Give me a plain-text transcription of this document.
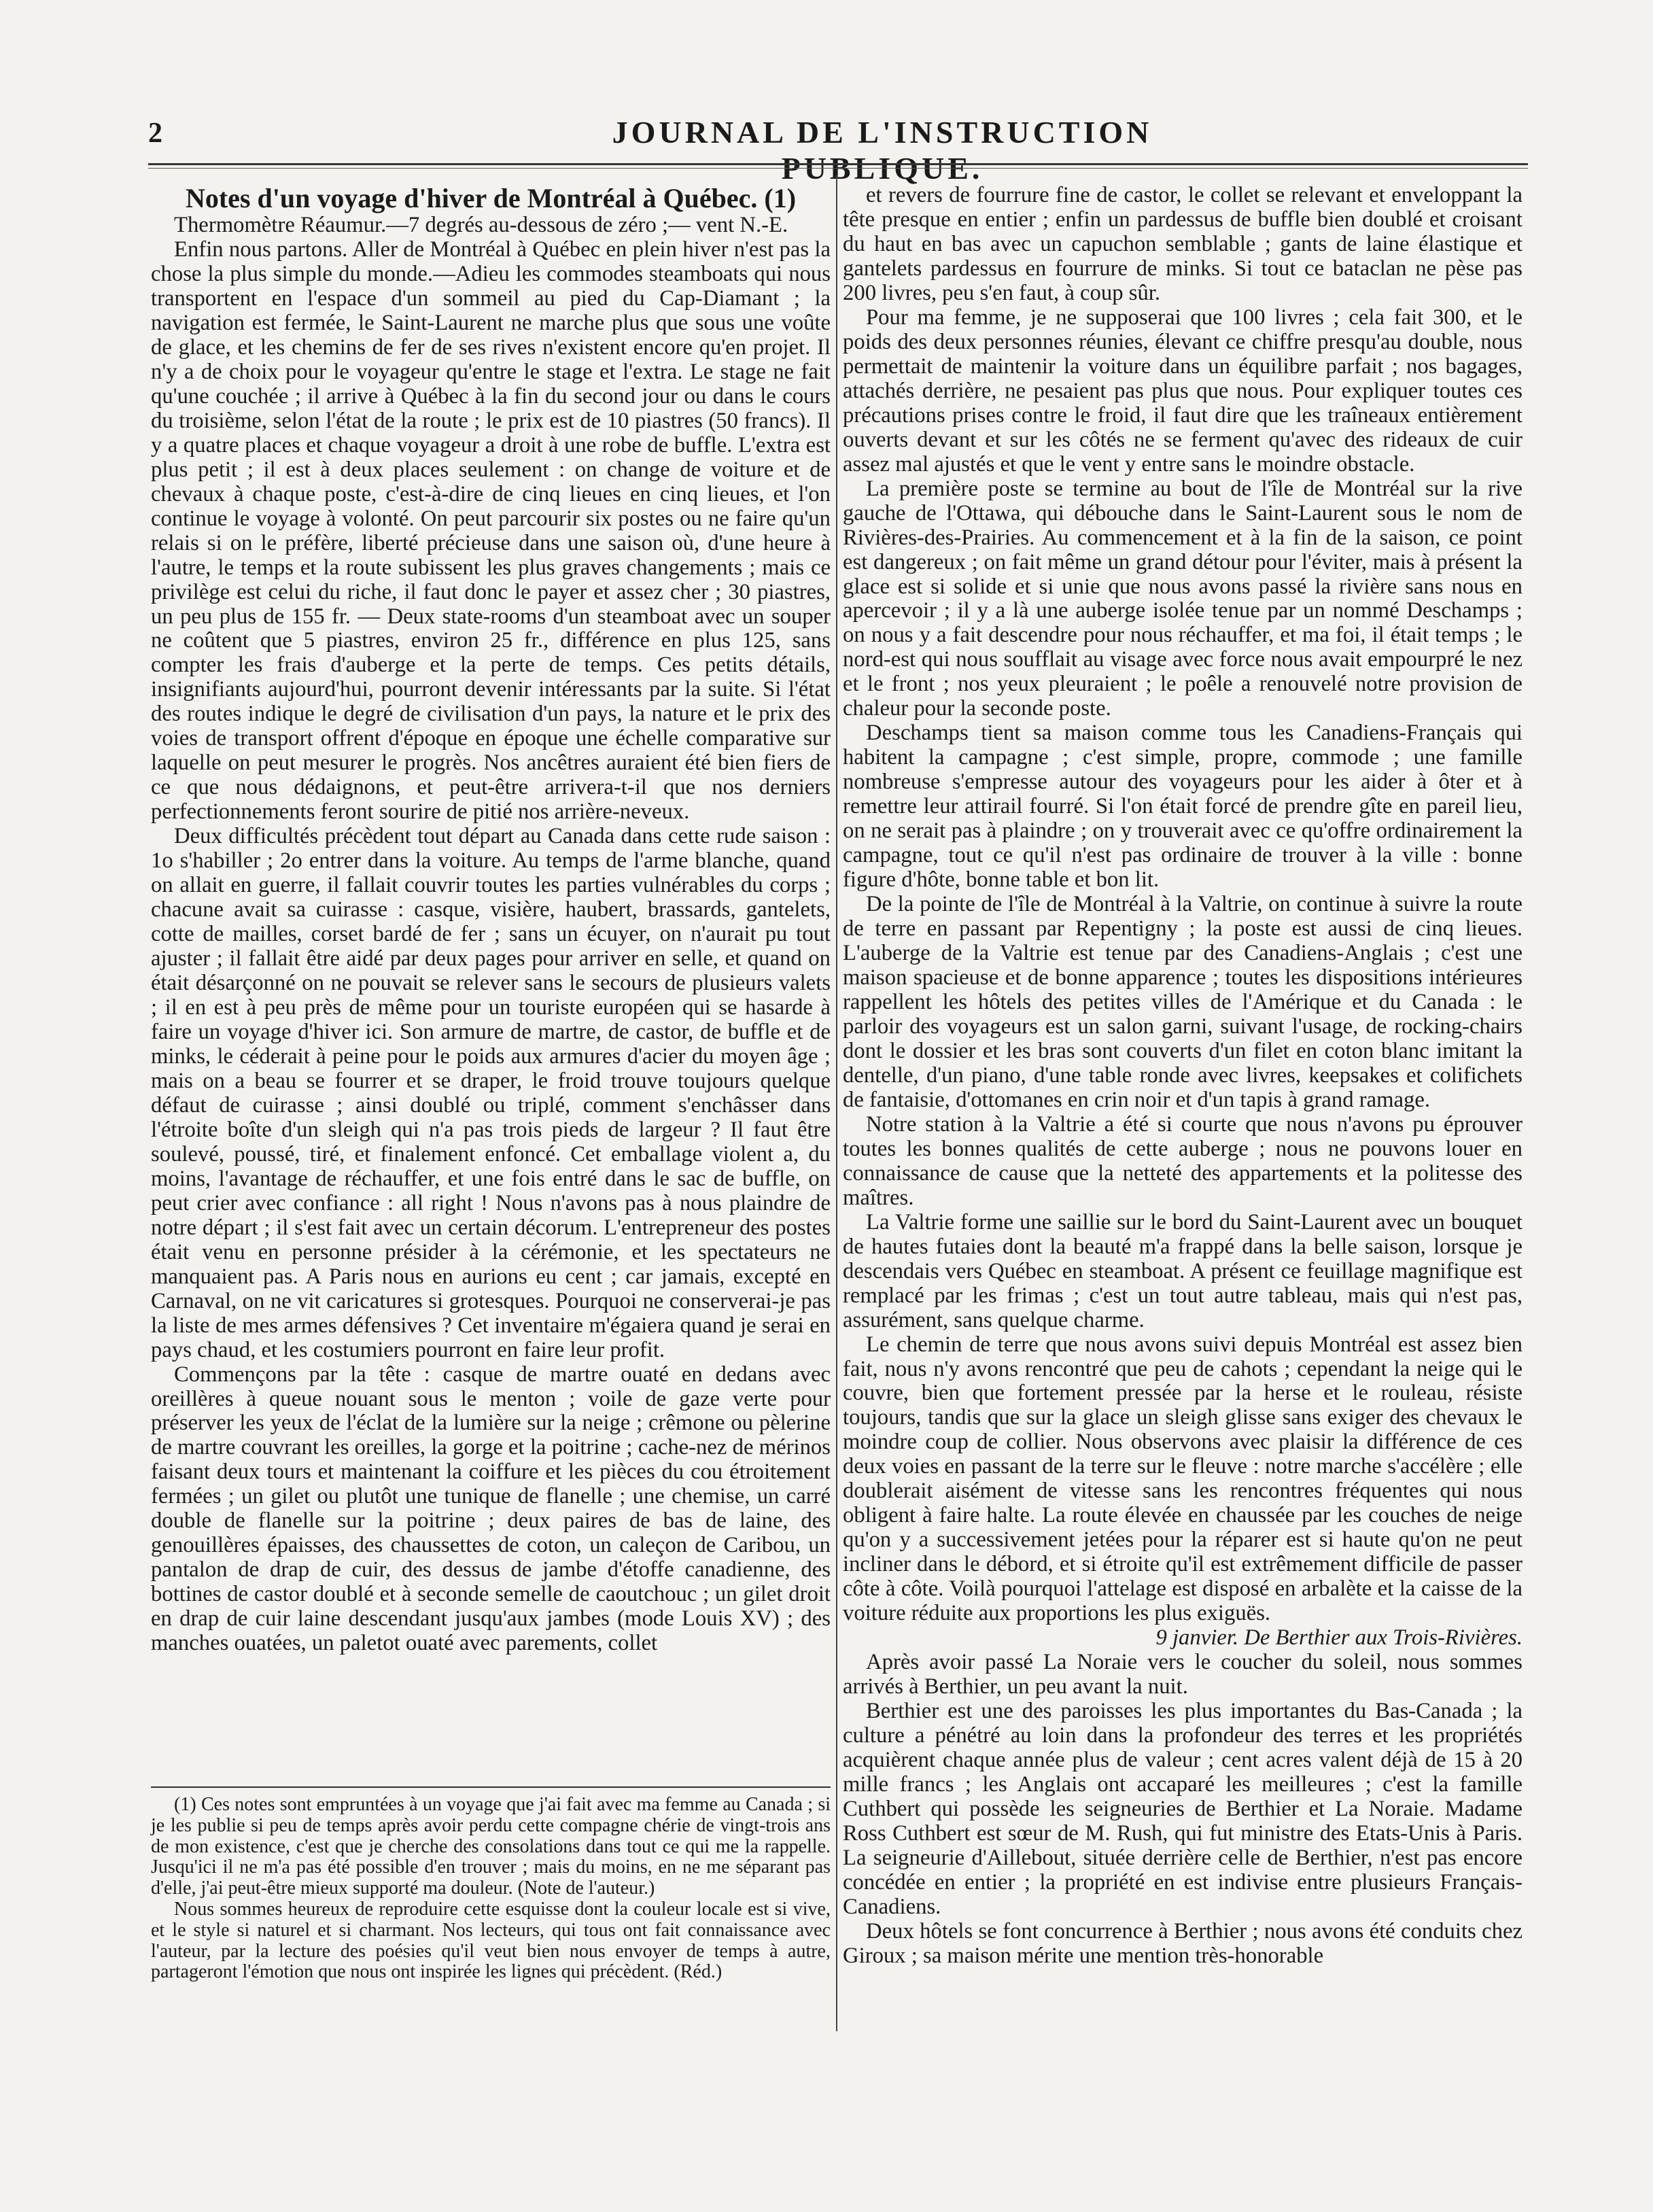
2	JOURNAL DE L'INSTRUCTION PUBLIQUE.

Notes d'un voyage d'hiver de Montréal à Québec. (1)

Thermomètre Réaumur.—7 degrés au-dessous de zéro ;— vent N.-E.

Enfin nous partons. Aller de Montréal à Québec en plein hiver n'est pas la chose la plus simple du monde.—Adieu les commodes steamboats qui nous transportent en l'espace d'un sommeil au pied du Cap-Diamant ; la navigation est fermée, le Saint-Laurent ne marche plus que sous une voûte de glace, et les chemins de fer de ses rives n'existent encore qu'en projet. Il n'y a de choix pour le voyageur qu'entre le stage et l'extra. Le stage ne fait qu'une couchée ; il arrive à Québec à la fin du second jour ou dans le cours du troisième, selon l'état de la route ; le prix est de 10 piastres (50 francs). Il y a quatre places et chaque voyageur a droit à une robe de buffle. L'extra est plus petit ; il est à deux places seulement : on change de voiture et de chevaux à chaque poste, c'est-à-dire de cinq lieues en cinq lieues, et l'on continue le voyage à volonté. On peut parcourir six postes ou ne faire qu'un relais si on le préfère, liberté précieuse dans une saison où, d'une heure à l'autre, le temps et la route subissent les plus graves changements ; mais ce privilège est celui du riche, il faut donc le payer et assez cher ; 30 piastres, un peu plus de 155 fr. — Deux state-rooms d'un steamboat avec un souper ne coûtent que 5 piastres, environ 25 fr., différence en plus 125, sans compter les frais d'auberge et la perte de temps. Ces petits détails, insignifiants aujourd'hui, pourront devenir intéressants par la suite. Si l'état des routes indique le degré de civilisation d'un pays, la nature et le prix des voies de transport offrent d'époque en époque une échelle comparative sur laquelle on peut mesurer le progrès. Nos ancêtres auraient été bien fiers de ce que nous dédaignons, et peut-être arrivera-t-il que nos derniers perfectionnements feront sourire de pitié nos arrière-neveux.

Deux difficultés précèdent tout départ au Canada dans cette rude saison : 1o s'habiller ; 2o entrer dans la voiture. Au temps de l'arme blanche, quand on allait en guerre, il fallait couvrir toutes les parties vulnérables du corps ; chacune avait sa cuirasse : casque, visière, haubert, brassards, gantelets, cotte de mailles, corset bardé de fer ; sans un écuyer, on n'aurait pu tout ajuster ; il fallait être aidé par deux pages pour arriver en selle, et quand on était désarçonné on ne pouvait se relever sans le secours de plusieurs valets ; il en est à peu près de même pour un touriste européen qui se hasarde à faire un voyage d'hiver ici. Son armure de martre, de castor, de buffle et de minks, le céderait à peine pour le poids aux armures d'acier du moyen âge ; mais on a beau se fourrer et se draper, le froid trouve toujours quelque défaut de cuirasse ; ainsi doublé ou triplé, comment s'enchâsser dans l'étroite boîte d'un sleigh qui n'a pas trois pieds de largeur ? Il faut être soulevé, poussé, tiré, et finalement enfoncé. Cet emballage violent a, du moins, l'avantage de réchauffer, et une fois entré dans le sac de buffle, on peut crier avec confiance : all right ! Nous n'avons pas à nous plaindre de notre départ ; il s'est fait avec un certain décorum. L'entrepreneur des postes était venu en personne présider à la cérémonie, et les spectateurs ne manquaient pas. A Paris nous en aurions eu cent ; car jamais, excepté en Carnaval, on ne vit caricatures si grotesques. Pourquoi ne conserverai-je pas la liste de mes armes défensives ? Cet inventaire m'égaiera quand je serai en pays chaud, et les costumiers pourront en faire leur profit.

Commençons par la tête : casque de martre ouaté en dedans avec oreillères à queue nouant sous le menton ; voile de gaze verte pour préserver les yeux de l'éclat de la lumière sur la neige ; crêmone ou pèlerine de martre couvrant les oreilles, la gorge et la poitrine ; cache-nez de mérinos faisant deux tours et maintenant la coiffure et les pièces du cou étroitement fermées ; un gilet ou plutôt une tunique de flanelle ; une chemise, un carré double de flanelle sur la poitrine ; deux paires de bas de laine, des genouillères épaisses, des chaussettes de coton, un caleçon de Caribou, un pantalon de drap de cuir, des dessus de jambe d'étoffe canadienne, des bottines de castor doublé et à seconde semelle de caoutchouc ; un gilet droit en drap de cuir laine descendant jusqu'aux jambes (mode Louis XV) ; des manches ouatées, un paletot ouaté avec parements, collet

(1) Ces notes sont empruntées à un voyage que j'ai fait avec ma femme au Canada ; si je les publie si peu de temps après avoir perdu cette compagne chérie de vingt-trois ans de mon existence, c'est que je cherche des consolations dans tout ce qui me la rappelle. Jusqu'ici il ne m'a pas été possible d'en trouver ; mais du moins, en ne me séparant pas d'elle, j'ai peut-être mieux supporté ma douleur. (Note de l'auteur.)

Nous sommes heureux de reproduire cette esquisse dont la couleur locale est si vive, et le style si naturel et si charmant. Nos lecteurs, qui tous ont fait connaissance avec l'auteur, par la lecture des poésies qu'il veut bien nous envoyer de temps à autre, partageront l'émotion que nous ont inspirée les lignes qui précèdent. (Réd.)

et revers de fourrure fine de castor, le collet se relevant et enveloppant la tête presque en entier ; enfin un pardessus de buffle bien doublé et croisant du haut en bas avec un capuchon semblable ; gants de laine élastique et gantelets pardessus en fourrure de minks. Si tout ce bataclan ne pèse pas 200 livres, peu s'en faut, à coup sûr.

Pour ma femme, je ne supposerai que 100 livres ; cela fait 300, et le poids des deux personnes réunies, élevant ce chiffre presqu'au double, nous permettait de maintenir la voiture dans un équilibre parfait ; nos bagages, attachés derrière, ne pesaient pas plus que nous. Pour expliquer toutes ces précautions prises contre le froid, il faut dire que les traîneaux entièrement ouverts devant et sur les côtés ne se ferment qu'avec des rideaux de cuir assez mal ajustés et que le vent y entre sans le moindre obstacle.

La première poste se termine au bout de l'île de Montréal sur la rive gauche de l'Ottawa, qui débouche dans le Saint-Laurent sous le nom de Rivières-des-Prairies. Au commencement et à la fin de la saison, ce point est dangereux ; on fait même un grand détour pour l'éviter, mais à présent la glace est si solide et si unie que nous avons passé la rivière sans nous en apercevoir ; il y a là une auberge isolée tenue par un nommé Deschamps ; on nous y a fait descendre pour nous réchauffer, et ma foi, il était temps ; le nord-est qui nous soufflait au visage avec force nous avait empourpré le nez et le front ; nos yeux pleuraient ; le poêle a renouvelé notre provision de chaleur pour la seconde poste.

Deschamps tient sa maison comme tous les Canadiens-Français qui habitent la campagne ; c'est simple, propre, commode ; une famille nombreuse s'empresse autour des voyageurs pour les aider à ôter et à remettre leur attirail fourré. Si l'on était forcé de prendre gîte en pareil lieu, on ne serait pas à plaindre ; on y trouverait avec ce qu'offre ordinairement la campagne, tout ce qu'il n'est pas ordinaire de trouver à la ville : bonne figure d'hôte, bonne table et bon lit.

De la pointe de l'île de Montréal à la Valtrie, on continue à suivre la route de terre en passant par Repentigny ; la poste est aussi de cinq lieues. L'auberge de la Valtrie est tenue par des Canadiens-Anglais ; c'est une maison spacieuse et de bonne apparence ; toutes les dispositions intérieures rappellent les hôtels des petites villes de l'Amérique et du Canada : le parloir des voyageurs est un salon garni, suivant l'usage, de rocking-chairs dont le dossier et les bras sont couverts d'un filet en coton blanc imitant la dentelle, d'un piano, d'une table ronde avec livres, keepsakes et colifichets de fantaisie, d'ottomanes en crin noir et d'un tapis à grand ramage.

Notre station à la Valtrie a été si courte que nous n'avons pu éprouver toutes les bonnes qualités de cette auberge ; nous ne pouvons louer en connaissance de cause que la netteté des appartements et la politesse des maîtres.

La Valtrie forme une saillie sur le bord du Saint-Laurent avec un bouquet de hautes futaies dont la beauté m'a frappé dans la belle saison, lorsque je descendais vers Québec en steamboat. A présent ce feuillage magnifique est remplacé par les frimas ; c'est un tout autre tableau, mais qui n'est pas, assurément, sans quelque charme.

Le chemin de terre que nous avons suivi depuis Montréal est assez bien fait, nous n'y avons rencontré que peu de cahots ; cependant la neige qui le couvre, bien que fortement pressée par la herse et le rouleau, résiste toujours, tandis que sur la glace un sleigh glisse sans exiger des chevaux le moindre coup de collier. Nous observons avec plaisir la différence de ces deux voies en passant de la terre sur le fleuve : notre marche s'accélère ; elle doublerait aisément de vitesse sans les rencontres fréquentes qui nous obligent à faire halte. La route élevée en chaussée par les couches de neige qu'on y a successivement jetées pour la réparer est si haute qu'on ne peut incliner dans le débord, et si étroite qu'il est extrêmement difficile de passer côte à côte. Voilà pourquoi l'attelage est disposé en arbalète et la caisse de la voiture réduite aux proportions les plus exiguës.

9 janvier. De Berthier aux Trois-Rivières.

Après avoir passé La Noraie vers le coucher du soleil, nous sommes arrivés à Berthier, un peu avant la nuit.

Berthier est une des paroisses les plus importantes du Bas-Canada ; la culture a pénétré au loin dans la profondeur des terres et les propriétés acquièrent chaque année plus de valeur ; cent acres valent déjà de 15 à 20 mille francs ; les Anglais ont accaparé les meilleures ; c'est la famille Cuthbert qui possède les seigneuries de Berthier et La Noraie. Madame Ross Cuthbert est sœur de M. Rush, qui fut ministre des Etats-Unis à Paris. La seigneurie d'Aillebout, située derrière celle de Berthier, n'est pas encore concédée en entier ; la propriété en est indivise entre plusieurs Français-Canadiens.

Deux hôtels se font concurrence à Berthier ; nous avons été conduits chez Giroux ; sa maison mérite une mention très-honorable
